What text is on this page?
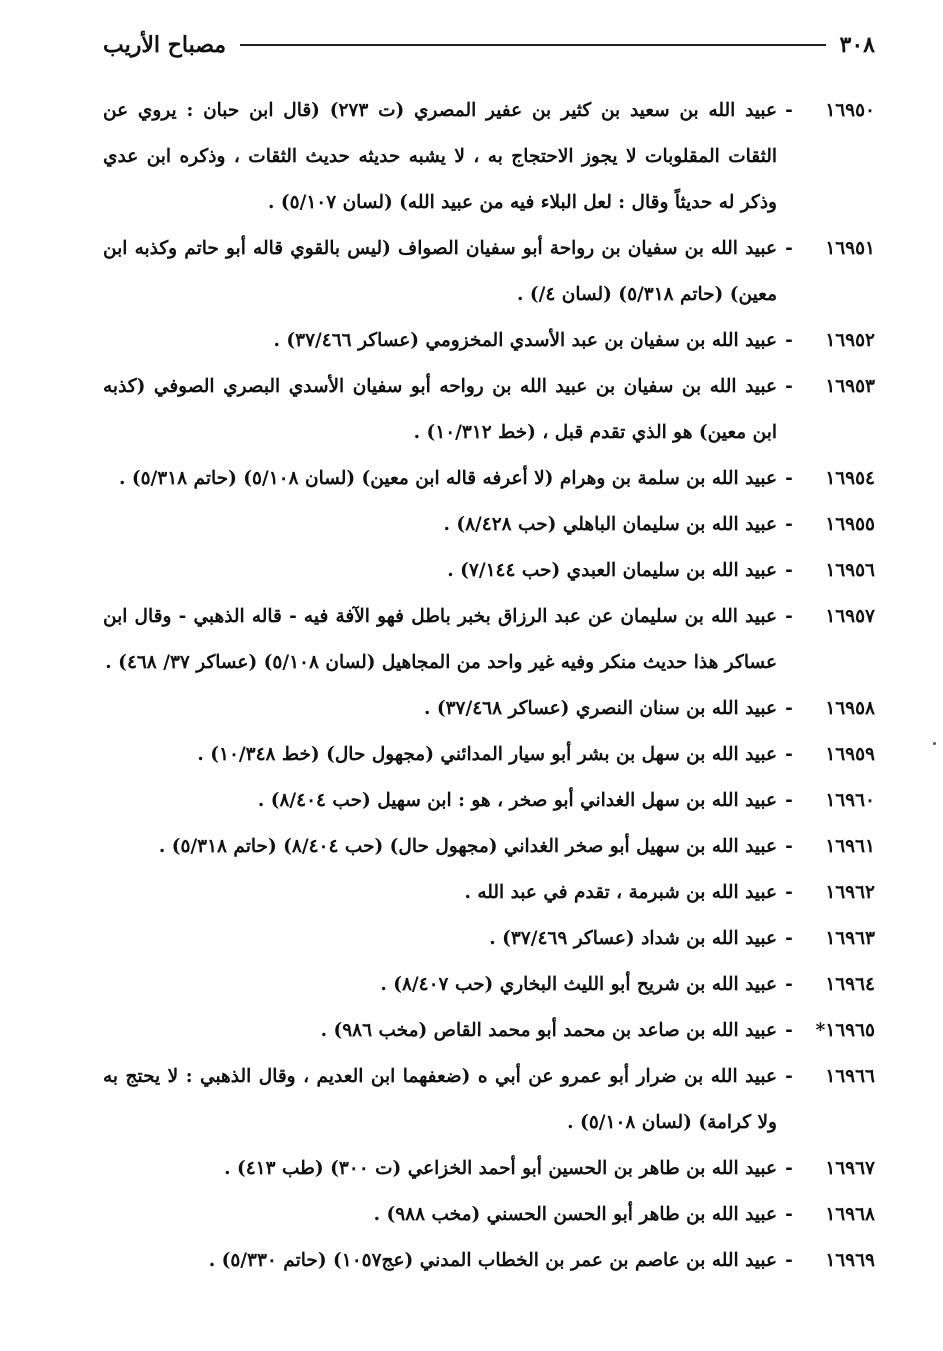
٣٠٨
مصباح الأريب
١٦٩٥٠
-
عبيد الله بن سعيد بن كثير بن عفير المصري (ت ٢٧٣) (قال ابن حبان : يروي عن الثقات المقلوبات لا يجوز الاحتجاج به ، لا يشبه حديثه حديث الثقات ، وذكره ابن عدي وذكر له حديثاً وقال : لعل البلاء فيه من عبيد الله) (لسان ٥/١٠٧) .
١٦٩٥١
-
عبيد الله بن سفيان بن رواحة أبو سفيان الصواف (ليس بالقوي قاله أبو حاتم وكذبه ابن معين) (حاتم ٥/٣١٨) (لسان ٤/) .
١٦٩٥٢
-
عبيد الله بن سفيان بن عبد الأسدي المخزومي (عساكر ٣٧/٤٦٦) .
١٦٩٥٣
-
عبيد الله بن سفيان بن عبيد الله بن رواحه أبو سفيان الأسدي البصري الصوفي (كذبه ابن معين) هو الذي تقدم قبل ، (خط ١٠/٣١٢) .
١٦٩٥٤
-
عبيد الله بن سلمة بن وهرام (لا أعرفه قاله ابن معين) (لسان ٥/١٠٨) (حاتم ٥/٣١٨) .
١٦٩٥٥
-
عبيد الله بن سليمان الباهلي (حب ٨/٤٢٨) .
١٦٩٥٦
-
عبيد الله بن سليمان العبدي (حب ٧/١٤٤) .
١٦٩٥٧
-
عبيد الله بن سليمان عن عبد الرزاق بخبر باطل فهو الآفة فيه - قاله الذهبي - وقال ابن عساكر هذا حديث منكر وفيه غير واحد من المجاهيل (لسان ٥/١٠٨) (عساكر ٣٧/ ٤٦٨) .
١٦٩٥٨
-
عبيد الله بن سنان النصري (عساكر ٣٧/٤٦٨) .
١٦٩٥٩
-
عبيد الله بن سهل بن بشر أبو سيار المدائني (مجهول حال) (خط ١٠/٣٤٨) .
١٦٩٦٠
-
عبيد الله بن سهل الغداني أبو صخر ، هو : ابن سهيل (حب ٨/٤٠٤) .
١٦٩٦١
-
عبيد الله بن سهيل أبو صخر الغداني (مجهول حال) (حب ٨/٤٠٤) (حاتم ٥/٣١٨) .
١٦٩٦٢
-
عبيد الله بن شبرمة ، تقدم في عبد الله .
١٦٩٦٣
-
عبيد الله بن شداد (عساكر ٣٧/٤٦٩) .
١٦٩٦٤
-
عبيد الله بن شريح أبو الليث البخاري (حب ٨/٤٠٧) .
١٦٩٦٥*
-
عبيد الله بن صاعد بن محمد أبو محمد القاص (مخب ٩٨٦) .
١٦٩٦٦
-
عبيد الله بن ضرار أبو عمرو عن أبي ه (ضعفهما ابن العديم ، وقال الذهبي : لا يحتج به ولا كرامة) (لسان ٥/١٠٨) .
١٦٩٦٧
-
عبيد الله بن طاهر بن الحسين أبو أحمد الخزاعي (ت ٣٠٠) (طب ٤١٣) .
١٦٩٦٨
-
عبيد الله بن طاهر أبو الحسن الحسني (مخب ٩٨٨) .
١٦٩٦٩
-
عبيد الله بن عاصم بن عمر بن الخطاب المدني (عج١٠٥٧) (حاتم ٥/٣٣٠) .
